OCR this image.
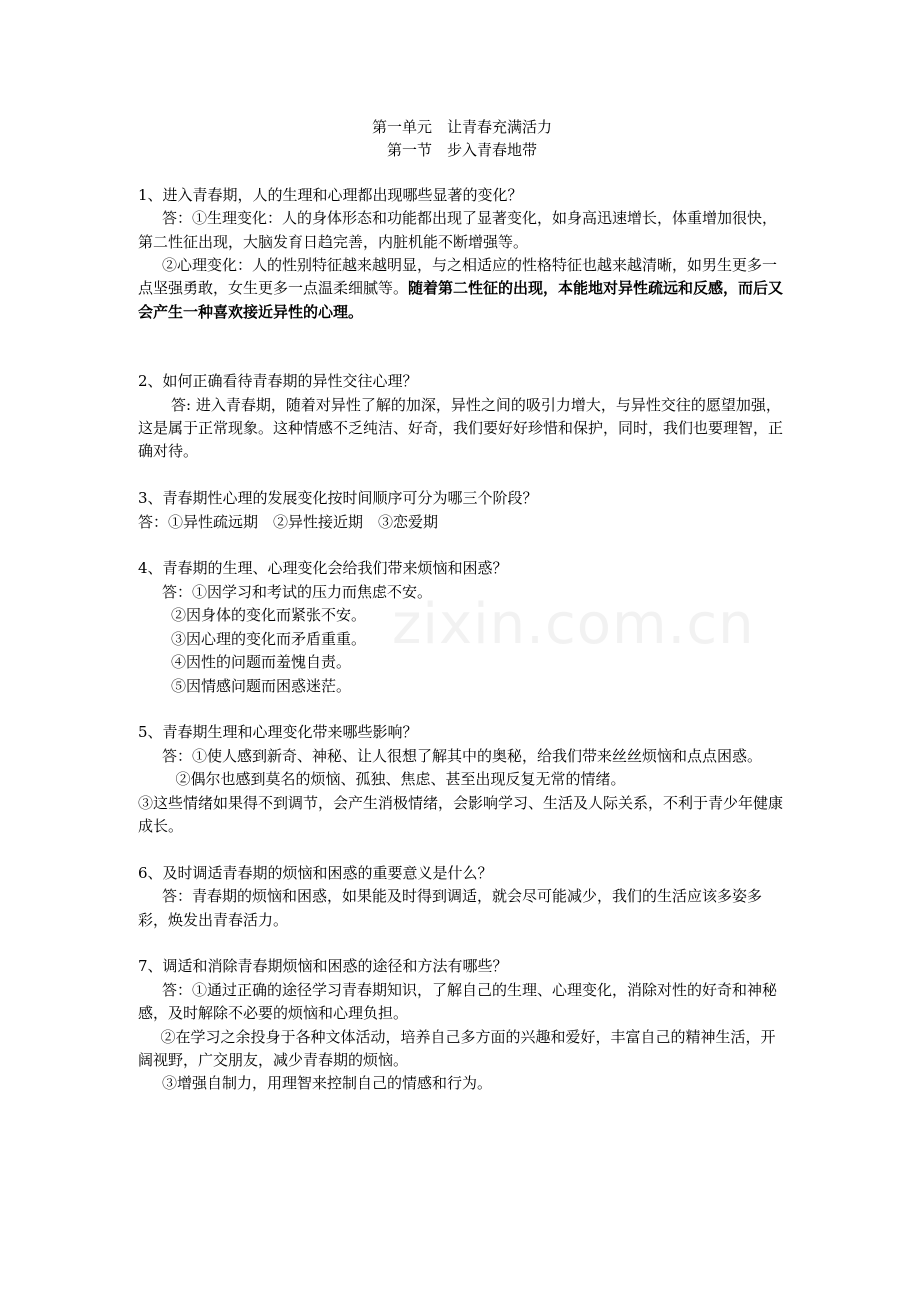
zixin.com.cn

第一单元　让青春充满活力

第一节　步入青春地带

1、进入青春期，人的生理和心理都出现哪些显著的变化？

答：①生理变化：人的身体形态和功能都出现了显著变化，如身高迅速增长，体重增加很快，第二性征出现，大脑发育日趋完善，内脏机能不断增强等。

②心理变化：人的性别特征越来越明显，与之相适应的性格特征也越来越清晰，如男生更多一点坚强勇敢，女生更多一点温柔细腻等。随着第二性征的出现，本能地对异性疏远和反感，而后又会产生一种喜欢接近异性的心理。

2、如何正确看待青春期的异性交往心理？

答: 进入青春期，随着对异性了解的加深，异性之间的吸引力增大，与异性交往的愿望加强，这是属于正常现象。这种情感不乏纯洁、好奇，我们要好好珍惜和保护，同时，我们也要理智，正确对待。

3、青春期性心理的发展变化按时间顺序可分为哪三个阶段？

答：①异性疏远期　②异性接近期　③恋爱期

4、青春期的生理、心理变化会给我们带来烦恼和困惑？

答：①因学习和考试的压力而焦虑不安。

②因身体的变化而紧张不安。

③因心理的变化而矛盾重重。

④因性的问题而羞愧自责。

⑤因情感问题而困惑迷茫。

5、青春期生理和心理变化带来哪些影响？

答：①使人感到新奇、神秘、让人很想了解其中的奥秘，给我们带来丝丝烦恼和点点困惑。

②偶尔也感到莫名的烦恼、孤独、焦虑、甚至出现反复无常的情绪。

③这些情绪如果得不到调节，会产生消极情绪，会影响学习、生活及人际关系，不利于青少年健康成长。

6、及时调适青春期的烦恼和困惑的重要意义是什么？

答：青春期的烦恼和困惑，如果能及时得到调适，就会尽可能减少，我们的生活应该多姿多彩，焕发出青春活力。

7、调适和消除青春期烦恼和困惑的途径和方法有哪些？

答：①通过正确的途径学习青春期知识，了解自己的生理、心理变化，消除对性的好奇和神秘感，及时解除不必要的烦恼和心理负担。

②在学习之余投身于各种文体活动，培养自己多方面的兴趣和爱好，丰富自己的精神生活，开阔视野，广交朋友，减少青春期的烦恼。

③增强自制力，用理智来控制自己的情感和行为。
